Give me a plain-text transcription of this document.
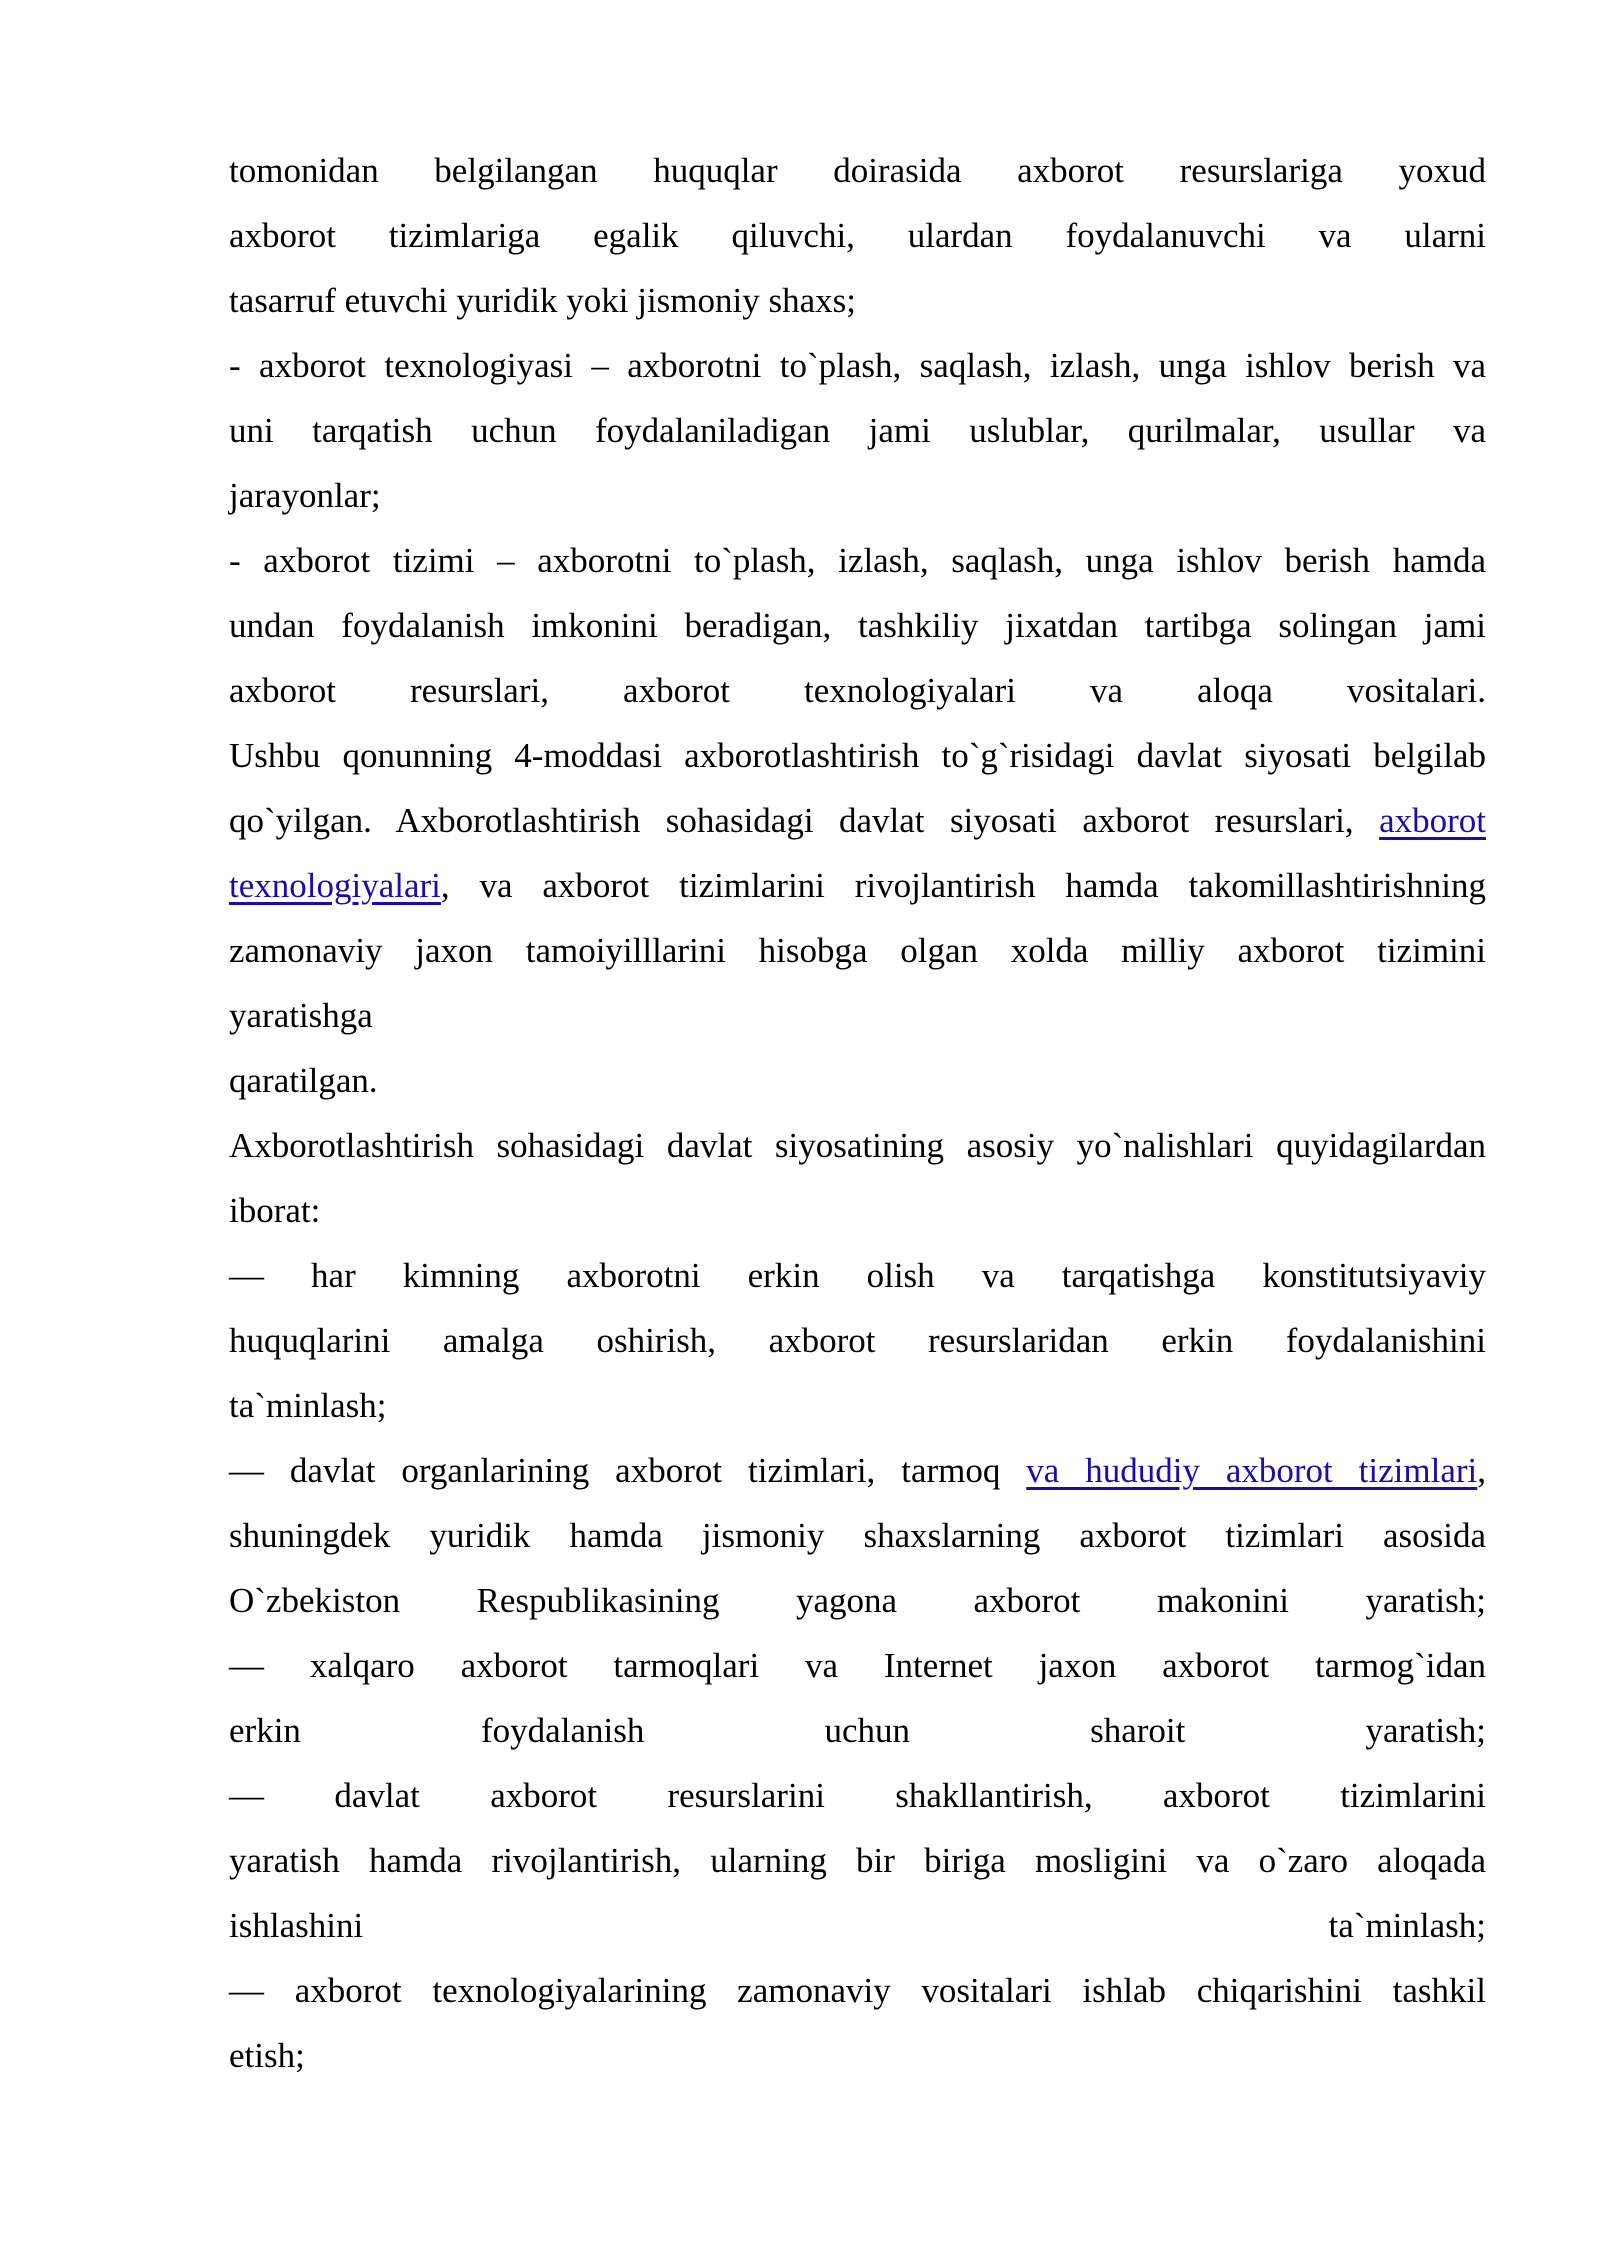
tomonidan belgilangan huquqlar doirasida axborot resurslariga yoxud
axborot tizimlariga egalik qiluvchi, ulardan foydalanuvchi va ularni
tasarruf etuvchi yuridik yoki jismoniy shaxs;
- axborot texnologiyasi – axborotni to`plash, saqlash, izlash, unga ishlov berish va
uni tarqatish uchun foydalaniladigan jami uslublar, qurilmalar, usullar va
jarayonlar;
- axborot tizimi – axborotni to`plash, izlash, saqlash, unga ishlov berish hamda
undan foydalanish imkonini beradigan, tashkiliy jixatdan tartibga solingan jami
axborot resurslari, axborot texnologiyalari va aloqa vositalari.
Ushbu qonunning 4-moddasi axborotlashtirish to`g`risidagi davlat siyosati belgilab
qo`yilgan. Axborotlashtirish sohasidagi davlat siyosati axborot resurslari, axborot
texnologiyalari, va axborot tizimlarini rivojlantirish hamda takomillashtirishning
zamonaviy jaxon tamoiyilllarini hisobga olgan xolda milliy axborot tizimini
yaratishga
qaratilgan.
Axborotlashtirish sohasidagi davlat siyosatining asosiy yo`nalishlari quyidagilardan
iborat:
— har kimning axborotni erkin olish va tarqatishga konstitutsiyaviy
huquqlarini amalga oshirish, axborot resurslaridan erkin foydalanishini
ta`minlash;
— davlat organlarining axborot tizimlari, tarmoq va hududiy axborot tizimlari,
shuningdek yuridik hamda jismoniy shaxslarning axborot tizimlari asosida
O`zbekiston Respublikasining yagona axborot makonini yaratish;
— xalqaro axborot tarmoqlari va Internet jaxon axborot tarmog`idan
erkin foydalanish uchun sharoit yaratish;
— davlat axborot resurslarini shakllantirish, axborot tizimlarini
yaratish hamda rivojlantirish, ularning bir biriga mosligini va o`zaro aloqada
ishlashini ta`minlash;
— axborot texnologiyalarining zamonaviy vositalari ishlab chiqarishini tashkil
etish;
